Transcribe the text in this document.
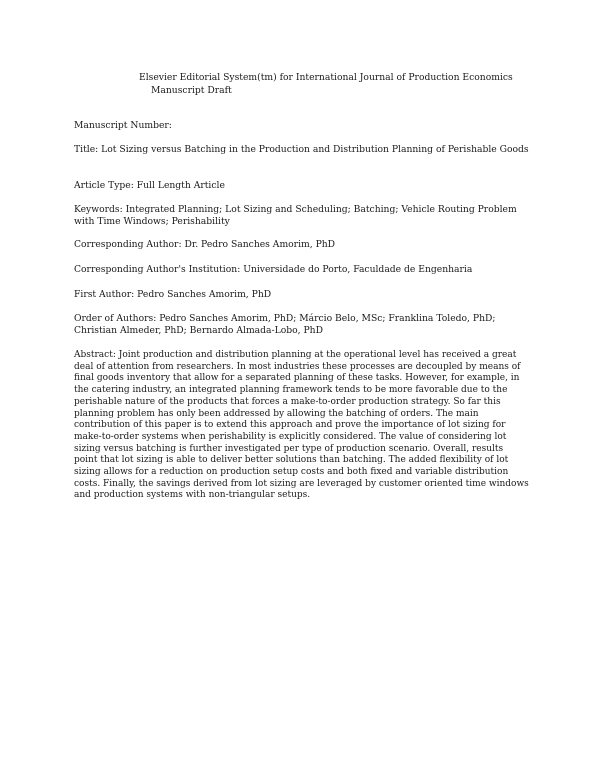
Elsevier Editorial System(tm) for International Journal of Production Economics
Manuscript Draft
Manuscript Number:
Title: Lot Sizing versus Batching in the Production and Distribution Planning of Perishable Goods
Article Type: Full Length Article
Keywords: Integrated Planning; Lot Sizing and Scheduling; Batching; Vehicle Routing Problem with Time Windows; Perishability
Corresponding Author: Dr. Pedro Sanches Amorim, PhD
Corresponding Author's Institution: Universidade do Porto, Faculdade de Engenharia
First Author: Pedro Sanches Amorim, PhD
Order of Authors: Pedro Sanches Amorim, PhD; Márcio Belo, MSc; Franklina Toledo, PhD; Christian Almeder, PhD; Bernardo Almada-Lobo, PhD
Abstract: Joint production and distribution planning at the operational level has received a great deal of attention from researchers. In most industries these processes are decoupled by means of final goods inventory that allow for a separated planning of these tasks. However, for example, in the catering industry, an integrated planning framework tends to be more favorable due to the perishable nature of the products that forces a make-to-order production strategy. So far this planning problem has only been addressed by allowing the batching of orders. The main contribution of this paper is to extend this approach and prove the importance of lot sizing for make-to-order systems when perishability is explicitly considered. The value of considering lot sizing versus batching is further investigated per type of production scenario. Overall, results point that lot sizing is able to deliver better solutions than batching. The added flexibility of lot sizing allows for a reduction on production setup costs and both fixed and variable distribution costs. Finally, the savings derived from lot sizing are leveraged by customer oriented time windows and production systems with non-triangular setups.
